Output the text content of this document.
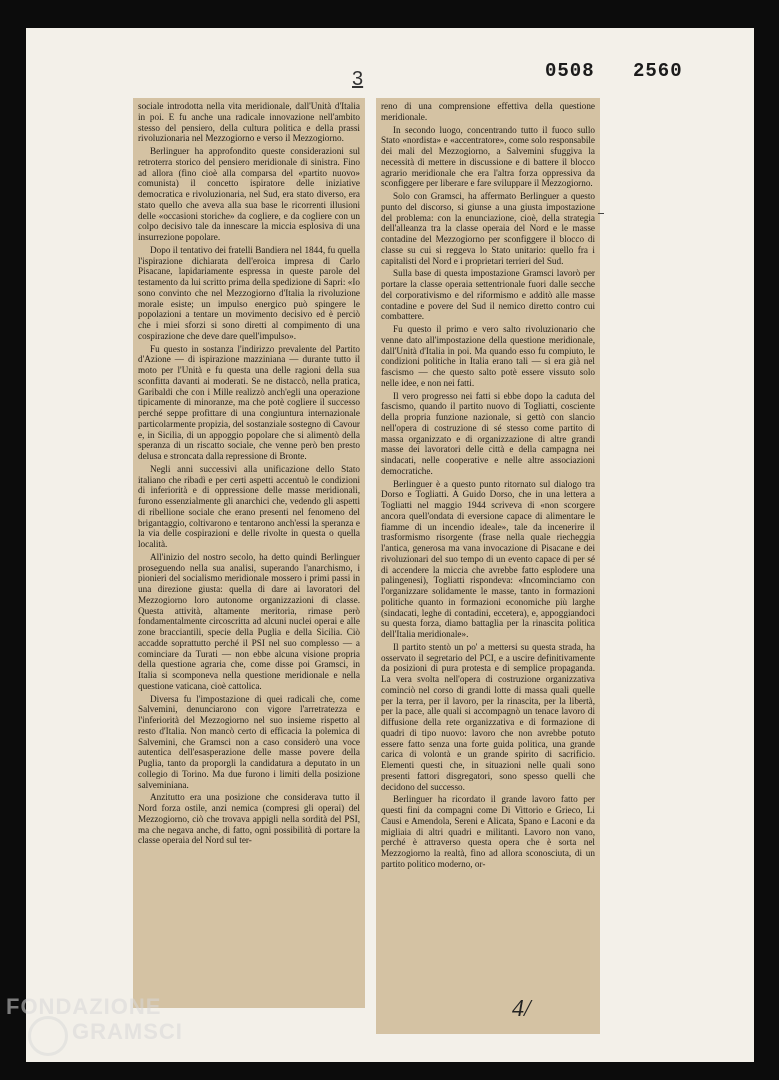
3	0508 2560

sociale introdotta nella vita meridionale, dall'Unità d'Italia in poi. E fu anche una radicale innovazione nell'ambito stesso del pensiero, della cultura politica e della prassi rivoluzionaria nel Mezzogiorno e verso il Mezzogiorno.

Berlinguer ha approfondito queste considerazioni sul retroterra storico del pensiero meridionale di sinistra. Fino ad allora (fino cioè alla comparsa del «partito nuovo» comunista) il concetto ispiratore delle iniziative democratica e rivoluzionaria, nel Sud, era stato diverso, era stato quello che aveva alla sua base le ricorrenti illusioni delle «occasioni storiche» da cogliere, e da cogliere con un colpo decisivo tale da innescare la miccia esplosiva di una insurrezione popolare.

Dopo il tentativo dei fratelli Bandiera nel 1844, fu quella l'ispirazione dichiarata dell'eroica impresa di Carlo Pisacane, lapidariamente espressa in queste parole del testamento da lui scritto prima della spedizione di Sapri: «Io sono convinto che nel Mezzogiorno d'Italia la rivoluzione morale esiste; un impulso energico può spingere le popolazioni a tentare un movimento decisivo ed è perciò che i miei sforzi si sono diretti al compimento di una cospirazione che deve dare quell'impulso».

Fu questo in sostanza l'indirizzo prevalente del Partito d'Azione — di ispirazione mazziniana — durante tutto il moto per l'Unità e fu questa una delle ragioni della sua sconfitta davanti ai moderati. Se ne distaccò, nella pratica, Garibaldi che con i Mille realizzò anch'egli una operazione tipicamente di minoranze, ma che potè cogliere il successo perché seppe profittare di una congiuntura internazionale particolarmente propizia, del sostanziale sostegno di Cavour e, in Sicilia, di un appoggio popolare che si alimentò della speranza di un riscatto sociale, che venne però ben presto delusa e stroncata dalla repressione di Bronte.

Negli anni successivi alla unificazione dello Stato italiano che ribadì e per certi aspetti accentuò le condizioni di inferiorità e di oppressione delle masse meridionali, furono essenzialmente gli anarchici che, vedendo gli aspetti di ribellione sociale che erano presenti nel fenomeno del brigantaggio, coltivarono e tentarono anch'essi la speranza e la via delle cospirazioni e delle rivolte in questa o quella località.

All'inizio del nostro secolo, ha detto quindi Berlinguer proseguendo nella sua analisi, superando l'anarchismo, i pionieri del socialismo meridionale mossero i primi passi in una direzione giusta: quella di dare ai lavoratori del Mezzogiorno loro autonome organizzazioni di classe. Questa attività, altamente meritoria, rimase però fondamentalmente circoscritta ad alcuni nuclei operai e alle zone bracciantili, specie della Puglia e della Sicilia. Ciò accadde soprattutto perché il PSI nel suo complesso — a cominciare da Turati — non ebbe alcuna visione propria della questione agraria che, come disse poi Gramsci, in Italia si scomponeva nella questione meridionale e nella questione vaticana, cioè cattolica.

Diversa fu l'impostazione di quei radicali che, come Salvemini, denunciarono con vigore l'arretratezza e l'inferiorità del Mezzogiorno nel suo insieme rispetto al resto d'Italia. Non mancò certo di efficacia la polemica di Salvemini, che Gramsci non a caso considerò una voce autentica dell'esasperazione delle masse povere della Puglia, tanto da proporgli la candidatura a deputato in un collegio di Torino. Ma due furono i limiti della posizione salveminiana.

Anzitutto era una posizione che considerava tutto il Nord forza ostile, anzi nemica (compresi gli operai) del Mezzogiorno, ciò che trovava appigli nella sordità del PSI, ma che negava anche, di fatto, ogni possibilità di portare la classe operaia del Nord sul ter-

reno di una comprensione effettiva della questione meridionale.

In secondo luogo, concentrando tutto il fuoco sullo Stato «nordista» e «accentratore», come solo responsabile dei mali del Mezzogiorno, a Salvemini sfuggiva la necessità di mettere in discussione e di battere il blocco agrario meridionale che era l'altra forza oppressiva da sconfiggere per liberare e fare sviluppare il Mezzogiorno.

Solo con Gramsci, ha affermato Berlinguer a questo punto del discorso, si giunse a una giusta impostazione del problema: con la enunciazione, cioè, della strategia dell'alleanza tra la classe operaia del Nord e le masse contadine del Mezzogiorno per sconfiggere il blocco di classe su cui si reggeva lo Stato unitario: quello fra i capitalisti del Nord e i proprietari terrieri del Sud.

Sulla base di questa impostazione Gramsci lavorò per portare la classe operaia settentrionale fuori dalle secche del corporativismo e del riformismo e additò alle masse contadine e povere del Sud il nemico diretto contro cui combattere.

Fu questo il primo e vero salto rivoluzionario che venne dato all'impostazione della questione meridionale, dall'Unità d'Italia in poi. Ma quando esso fu compiuto, le condizioni politiche in Italia erano tali — si era già nel fascismo — che questo salto potè essere vissuto solo nelle idee, e non nei fatti.

Il vero progresso nei fatti si ebbe dopo la caduta del fascismo, quando il partito nuovo di Togliatti, cosciente della propria funzione nazionale, si gettò con slancio nell'opera di costruzione di sé stesso come partito di massa organizzato e di organizzazione di altre grandi masse dei lavoratori delle città e della campagna nei sindacati, nelle cooperative e nelle altre associazioni democratiche.

Berlinguer è a questo punto ritornato sul dialogo tra Dorso e Togliatti. A Guido Dorso, che in una lettera a Togliatti nel maggio 1944 scriveva di «non scorgere ancora quell'ondata di eversione capace di alimentare le fiamme di un incendio ideale», tale da incenerire il trasformismo risorgente (frase nella quale riecheggia l'antica, generosa ma vana invocazione di Pisacane e dei rivoluzionari del suo tempo di un evento capace di per sé di accendere la miccia che avrebbe fatto esplodere una palingenesi), Togliatti rispondeva: «Incominciamo con l'organizzare solidamente le masse, tanto in formazioni politiche quanto in formazioni economiche più larghe (sindacati, leghe di contadini, eccetera), e, appoggiandoci su questa forza, diamo battaglia per la rinascita politica dell'Italia meridionale».

Il partito stentò un po' a mettersi su questa strada, ha osservato il segretario del PCI, e a uscire definitivamente da posizioni di pura protesta e di semplice propaganda. La vera svolta nell'opera di costruzione organizzativa cominciò nel corso di grandi lotte di massa quali quelle per la terra, per il lavoro, per la rinascita, per la libertà, per la pace, alle quali si accompagnò un tenace lavoro di diffusione della rete organizzativa e di formazione di quadri di tipo nuovo: lavoro che non avrebbe potuto essere fatto senza una forte guida politica, una grande carica di volontà e un grande spirito di sacrificio. Elementi questi che, in situazioni nelle quali sono presenti fattori disgregatori, sono spesso quelli che decidono del successo.

Berlinguer ha ricordato il grande lavoro fatto per questi fini da compagni come Di Vittorio e Grieco, Li Causi e Amendola, Sereni e Alicata, Spano e Laconi e da migliaia di altri quadri e militanti. Lavoro non vano, perché è attraverso questa opera che è sorta nel Mezzogiorno la realtà, fino ad allora sconosciuta, di un partito politico moderno, or-

4/
FONDAZIONE
GRAMSCI
